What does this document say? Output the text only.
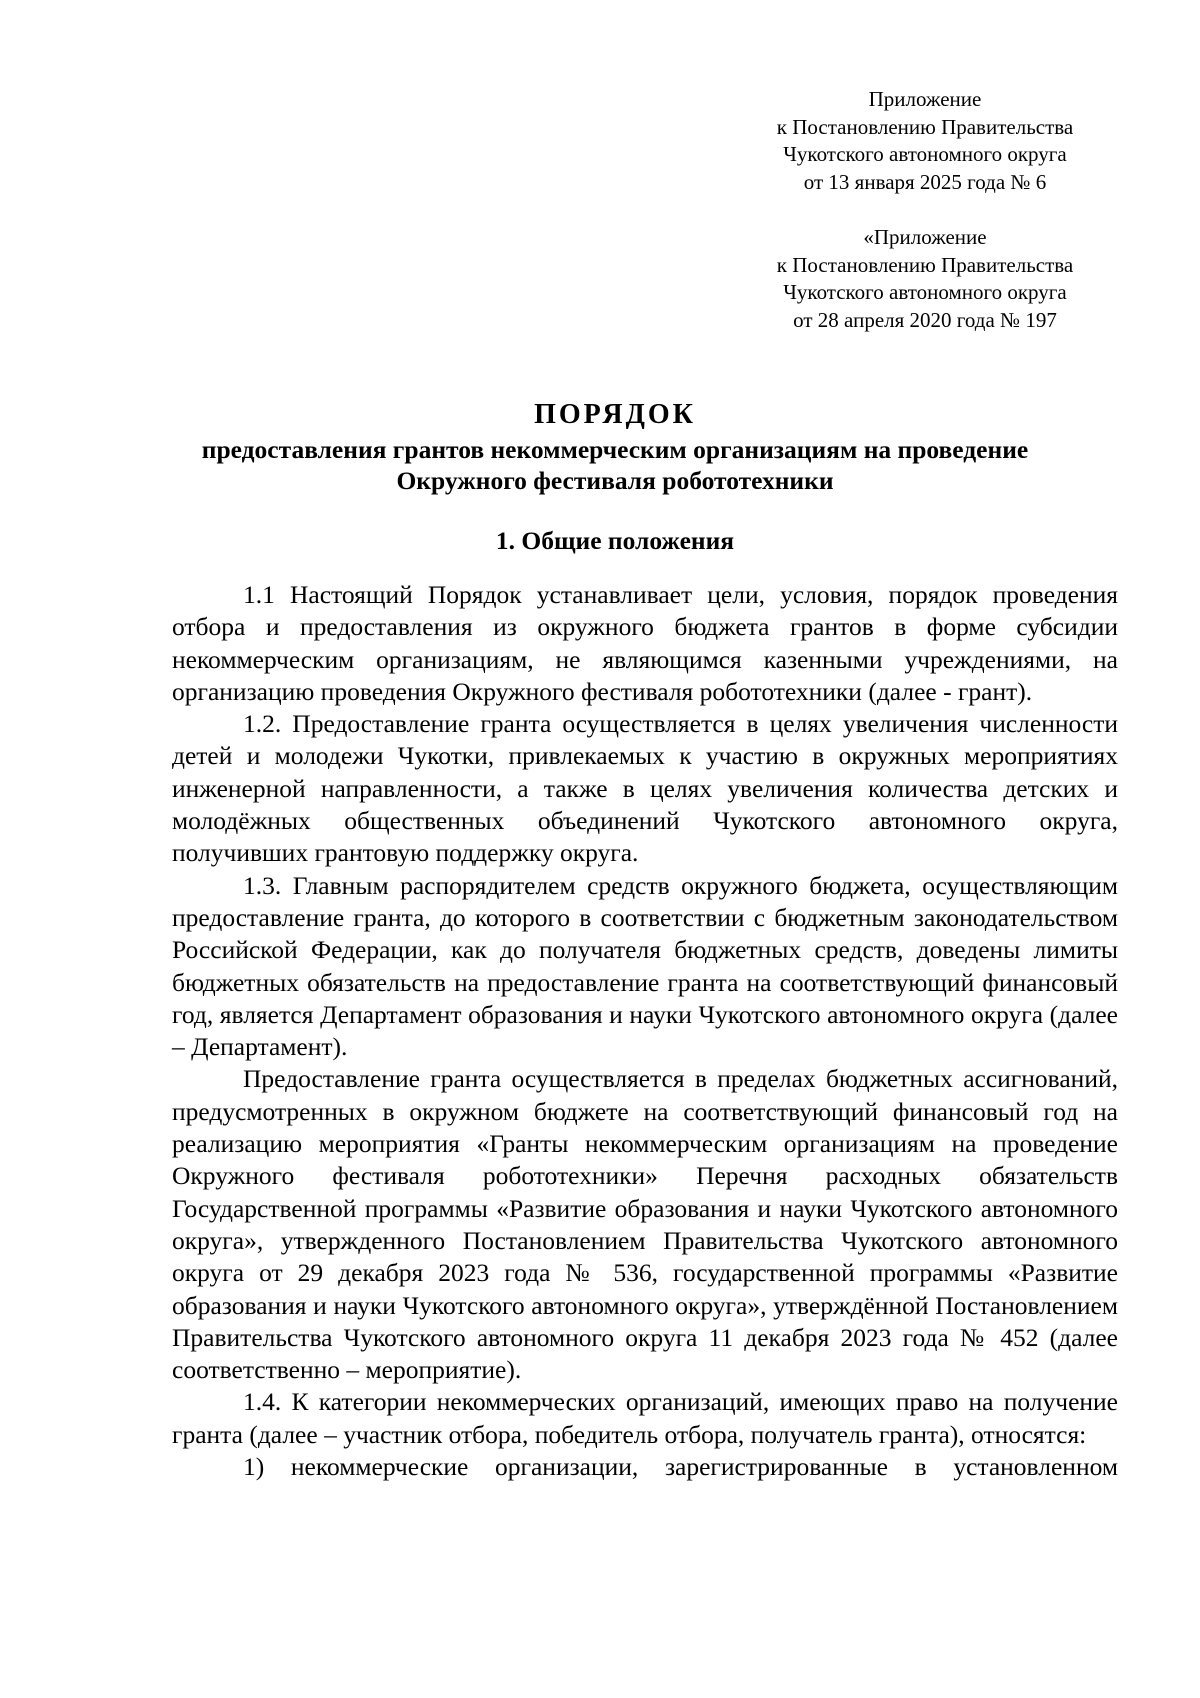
Приложение
к Постановлению Правительства
Чукотского автономного округа
от 13 января 2025 года № 6
«Приложение
к Постановлению Правительства
Чукотского автономного округа
от 28 апреля 2020 года № 197
ПОРЯДОК
предоставления грантов некоммерческим организациям на проведение
Окружного фестиваля робототехники
1. Общие положения

1.1 Настоящий Порядок устанавливает цели, условия, порядок проведения отбора и предоставления из окружного бюджета грантов в форме субсидии некоммерческим организациям, не являющимся казенными учреждениями, на организацию проведения Окружного фестиваля робототехники (далее - грант).

1.2. Предоставление гранта осуществляется в целях увеличения численности детей и молодежи Чукотки, привлекаемых к участию в окружных мероприятиях инженерной направленности, а также в целях увеличения количества детских и молодёжных общественных объединений Чукотского автономного округа, получивших грантовую поддержку округа.

1.3. Главным распорядителем средств окружного бюджета, осуществляющим предоставление гранта, до которого в соответствии с бюджетным законодательством Российской Федерации, как до получателя бюджетных средств, доведены лимиты бюджетных обязательств на предоставление гранта на соответствующий финансовый год, является Департамент образования и науки Чукотского автономного округа (далее – Департамент).

Предоставление гранта осуществляется в пределах бюджетных ассигнований, предусмотренных в окружном бюджете на соответствующий финансовый год на реализацию мероприятия «Гранты некоммерческим организациям на проведение Окружного фестиваля робототехники» Перечня расходных обязательств Государственной программы «Развитие образования и науки Чукотского автономного округа», утвержденного Постановлением Правительства Чукотского автономного округа от 29 декабря 2023 года № 536, государственной программы «Развитие образования и науки Чукотского автономного округа», утверждённой Постановлением Правительства Чукотского автономного округа 11 декабря 2023 года № 452 (далее соответственно – мероприятие).

1.4. К категории некоммерческих организаций, имеющих право на получение гранта (далее – участник отбора, победитель отбора, получатель гранта), относятся:

1) некоммерческие организации, зарегистрированные в установленном
